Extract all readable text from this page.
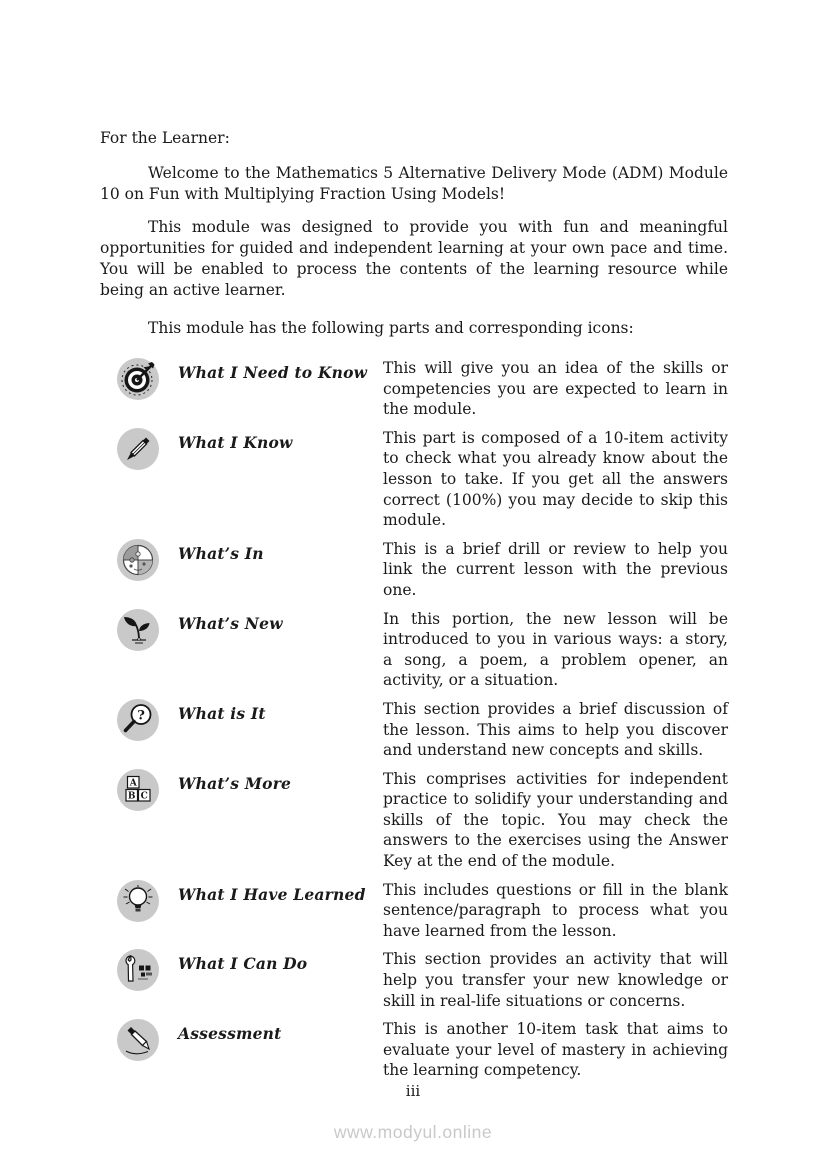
For the Learner:

Welcome to the Mathematics 5 Alternative Delivery Mode (ADM) Module 10 on Fun with Multiplying Fraction Using Models!

This module was designed to provide you with fun and meaningful opportunities for guided and independent learning at your own pace and time. You will be enabled to process the contents of the learning resource while being an active learner.

This module has the following parts and corresponding icons:

What I Need to Know	This will give you an idea of the skills or competencies you are expected to learn in the module.
What I Know	This part is composed of a 10-item activity to check what you already know about the lesson to take. If you get all the answers correct (100%) you may decide to skip this module.
What’s In	This is a brief drill or review to help you link the current lesson with the previous one.
What’s New	In this portion, the new lesson will be introduced to you in various ways: a story, a song, a poem, a problem opener, an activity, or a situation.
? What is It	This section provides a brief discussion of the lesson. This aims to help you discover and understand new concepts and skills.
A
B C
What’s More	This comprises activities for independent practice to solidify your understanding and skills of the topic. You may check the answers to the exercises using the Answer Key at the end of the module.
What I Have Learned	This includes questions or fill in the blank sentence/paragraph to process what you have learned from the lesson.
What I Can Do	This section provides an activity that will help you transfer your new knowledge or skill in real-life situations or concerns.
Assessment	This is another 10-item task that aims to evaluate your level of mastery in achieving the learning competency.
iii
www.modyul.online
